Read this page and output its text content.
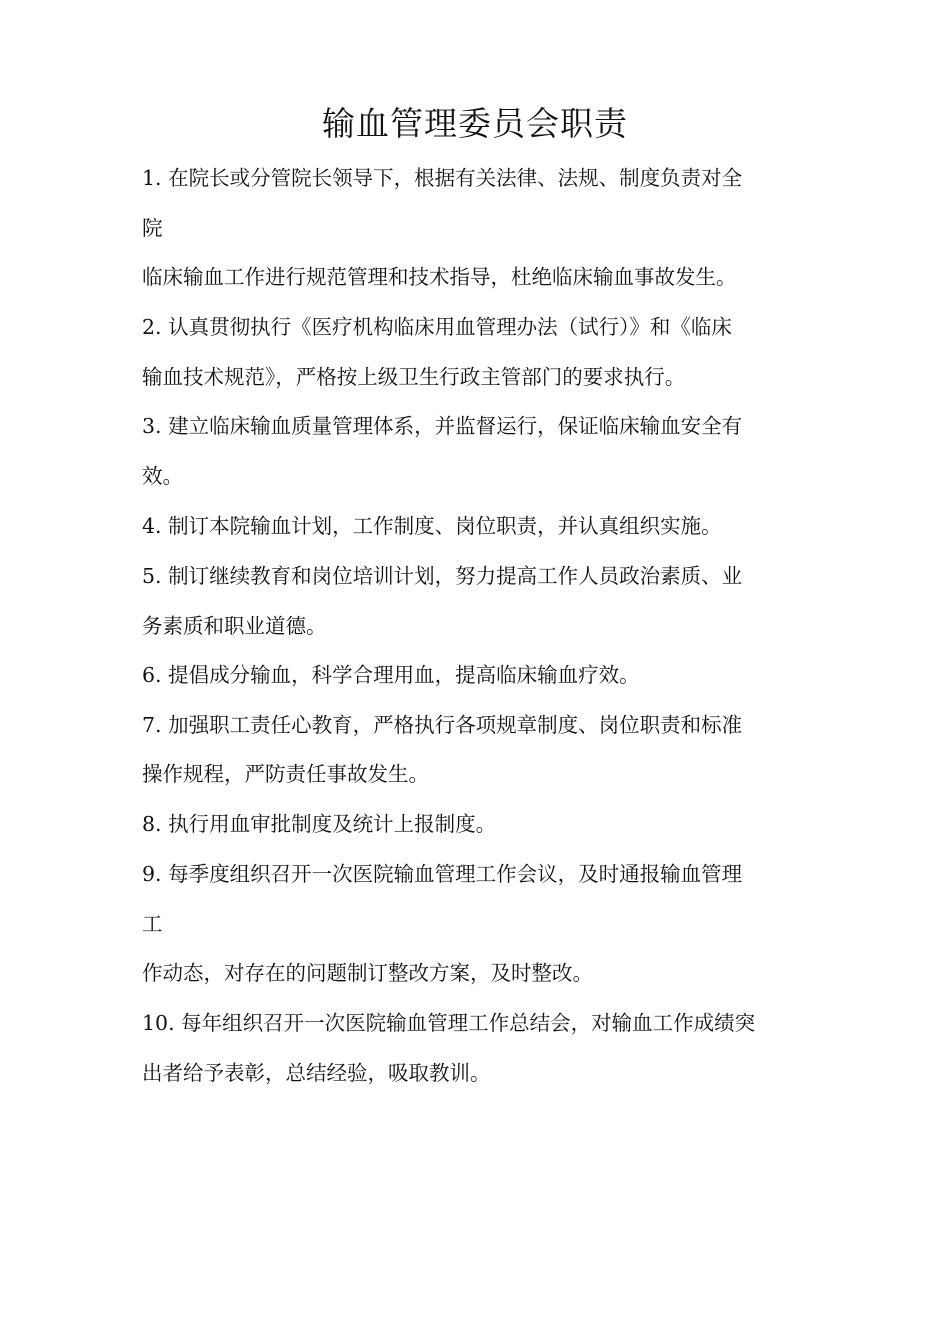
输血管理委员会职责
1. 在院长或分管院长领导下，根据有关法律、法规、制度负责对全
院
临床输血工作进行规范管理和技术指导，杜绝临床输血事故发生。
2. 认真贯彻执行《医疗机构临床用血管理办法（试行）》和《临床
输血技术规范》，严格按上级卫生行政主管部门的要求执行。
3. 建立临床输血质量管理体系，并监督运行，保证临床输血安全有
效。
4. 制订本院输血计划，工作制度、岗位职责，并认真组织实施。
5. 制订继续教育和岗位培训计划，努力提高工作人员政治素质、业
务素质和职业道德。
6. 提倡成分输血，科学合理用血，提高临床输血疗效。
7. 加强职工责任心教育，严格执行各项规章制度、岗位职责和标准
操作规程，严防责任事故发生。
8. 执行用血审批制度及统计上报制度。
9. 每季度组织召开一次医院输血管理工作会议，及时通报输血管理
工
作动态，对存在的问题制订整改方案，及时整改。
10. 每年组织召开一次医院输血管理工作总结会，对输血工作成绩突
出者给予表彰，总结经验，吸取教训。
